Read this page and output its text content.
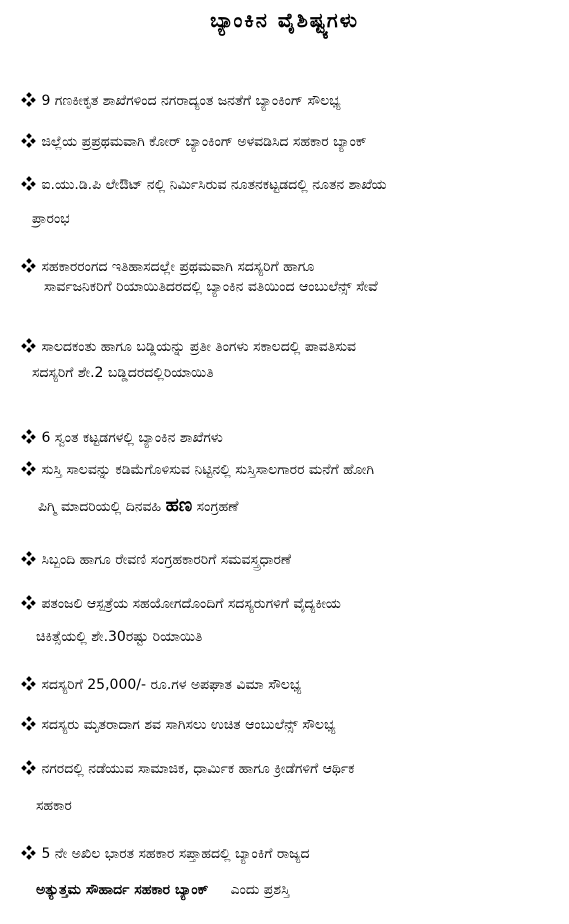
ಬ್ಯಾಂಕಿನ ವೈಶಿಷ್ಟ್ಯಗಳು
9 ಗಣಕೀಕೃತ ಶಾಖೆಗಳಿಂದ ನಗರಾದ್ಯಂತ ಜನತೆಗೆ ಬ್ಯಾಂಕಿಂಗ್ ಸೌಲಭ್ಯ
ಜಿಲ್ಲೆಯ ಪ್ರಪ್ರಥಮವಾಗಿ ಕೋರ್ ಬ್ಯಾಂಕಿಂಗ್ ಅಳವಡಿಸಿದ ಸಹಕಾರ ಬ್ಯಾಂಕ್
ಐ.ಯು.ಡಿ.ಪಿ ಲೇಔಟ್ ನಲ್ಲಿ ನಿರ್ಮಿಸಿರುವ ನೂತನಕಟ್ಟಡದಲ್ಲಿ ನೂತನ ಶಾಖೆಯ
ಪ್ರಾರಂಭ
ಸಹಕಾರರಂಗದ ಇತಿಹಾಸದಲ್ಲೇ ಪ್ರಥಮವಾಗಿ ಸದಸ್ಯರಿಗೆ ಹಾಗೂ
ಸಾರ್ವಜನಿಕರಿಗೆ ರಿಯಾಯಿತಿದರದಲ್ಲಿ ಬ್ಯಾಂಕಿನ ವತಿಯಿಂದ ಆಂಬುಲೆನ್ಸ್ ಸೇವೆ
ಸಾಲದಕಂತು ಹಾಗೂ ಬಡ್ಡಿಯನ್ನು ಪ್ರತೀ ತಿಂಗಳು ಸಕಾಲದಲ್ಲಿ ಪಾವತಿಸುವ
ಸದಸ್ಯರಿಗೆ ಶೇ.2 ಬಡ್ಡಿದರದಲ್ಲಿರಿಯಾಯಿತಿ
6 ಸ್ವಂತ ಕಟ್ಟಡಗಳಲ್ಲಿ ಬ್ಯಾಂಕಿನ ಶಾಖೆಗಳು
ಸುಸ್ತಿ ಸಾಲವನ್ನು ಕಡಿಮೆಗೊಳಿಸುವ ನಿಟ್ಟಿನಲ್ಲಿ ಸುಸ್ತಿಸಾಲಗಾರರ ಮನೆಗೆ ಹೋಗಿ
ಪಿಗ್ಮಿ ಮಾದರಿಯಲ್ಲಿ ದಿನವಹಿ ಹಣ ಸಂಗ್ರಹಣೆ
ಸಿಬ್ಬಂದಿ ಹಾಗೂ ರೇವಣಿ ಸಂಗ್ರಹಕಾರರಿಗೆ ಸಮವಸ್ತ್ರಧಾರಣೆ
ಪತಂಜಲಿ ಆಸ್ಪತ್ರೆಯ ಸಹಯೋಗದೊಂದಿಗೆ ಸದಸ್ಯರುಗಳಿಗೆ ವೈದ್ಯಕೀಯ
ಚಿಕಿತ್ಸೆಯಲ್ಲಿ ಶೇ.30ರಷ್ಟು ರಿಯಾಯಿತಿ
ಸದಸ್ಯರಿಗೆ 25,000/- ರೂ.ಗಳ ಅಪಘಾತ ವಿಮಾ ಸೌಲಭ್ಯ
ಸದಸ್ಯರು ಮೃತರಾದಾಗ ಶವ ಸಾಗಿಸಲು ಉಚಿತ ಆಂಬುಲೆನ್ಸ್ ಸೌಲಭ್ಯ
ನಗರದಲ್ಲಿ ನಡೆಯುವ ಸಾಮಾಜಿಕ, ಧಾರ್ಮಿಕ ಹಾಗೂ ಕ್ರೀಡೆಗಳಿಗೆ ಆರ್ಥಿಕ
ಸಹಕಾರ
5 ನೇ ಅಖಿಲ ಭಾರತ ಸಹಕಾರ ಸಪ್ತಾಹದಲ್ಲಿ ಬ್ಯಾಂಕಿಗೆ ರಾಜ್ಯದ
ಅತ್ಯುತ್ತಮ ಸೌಹಾರ್ದ ಸಹಕಾರ ಬ್ಯಾಂಕ್     ಎಂದು ಪ್ರಶಸ್ತಿ
